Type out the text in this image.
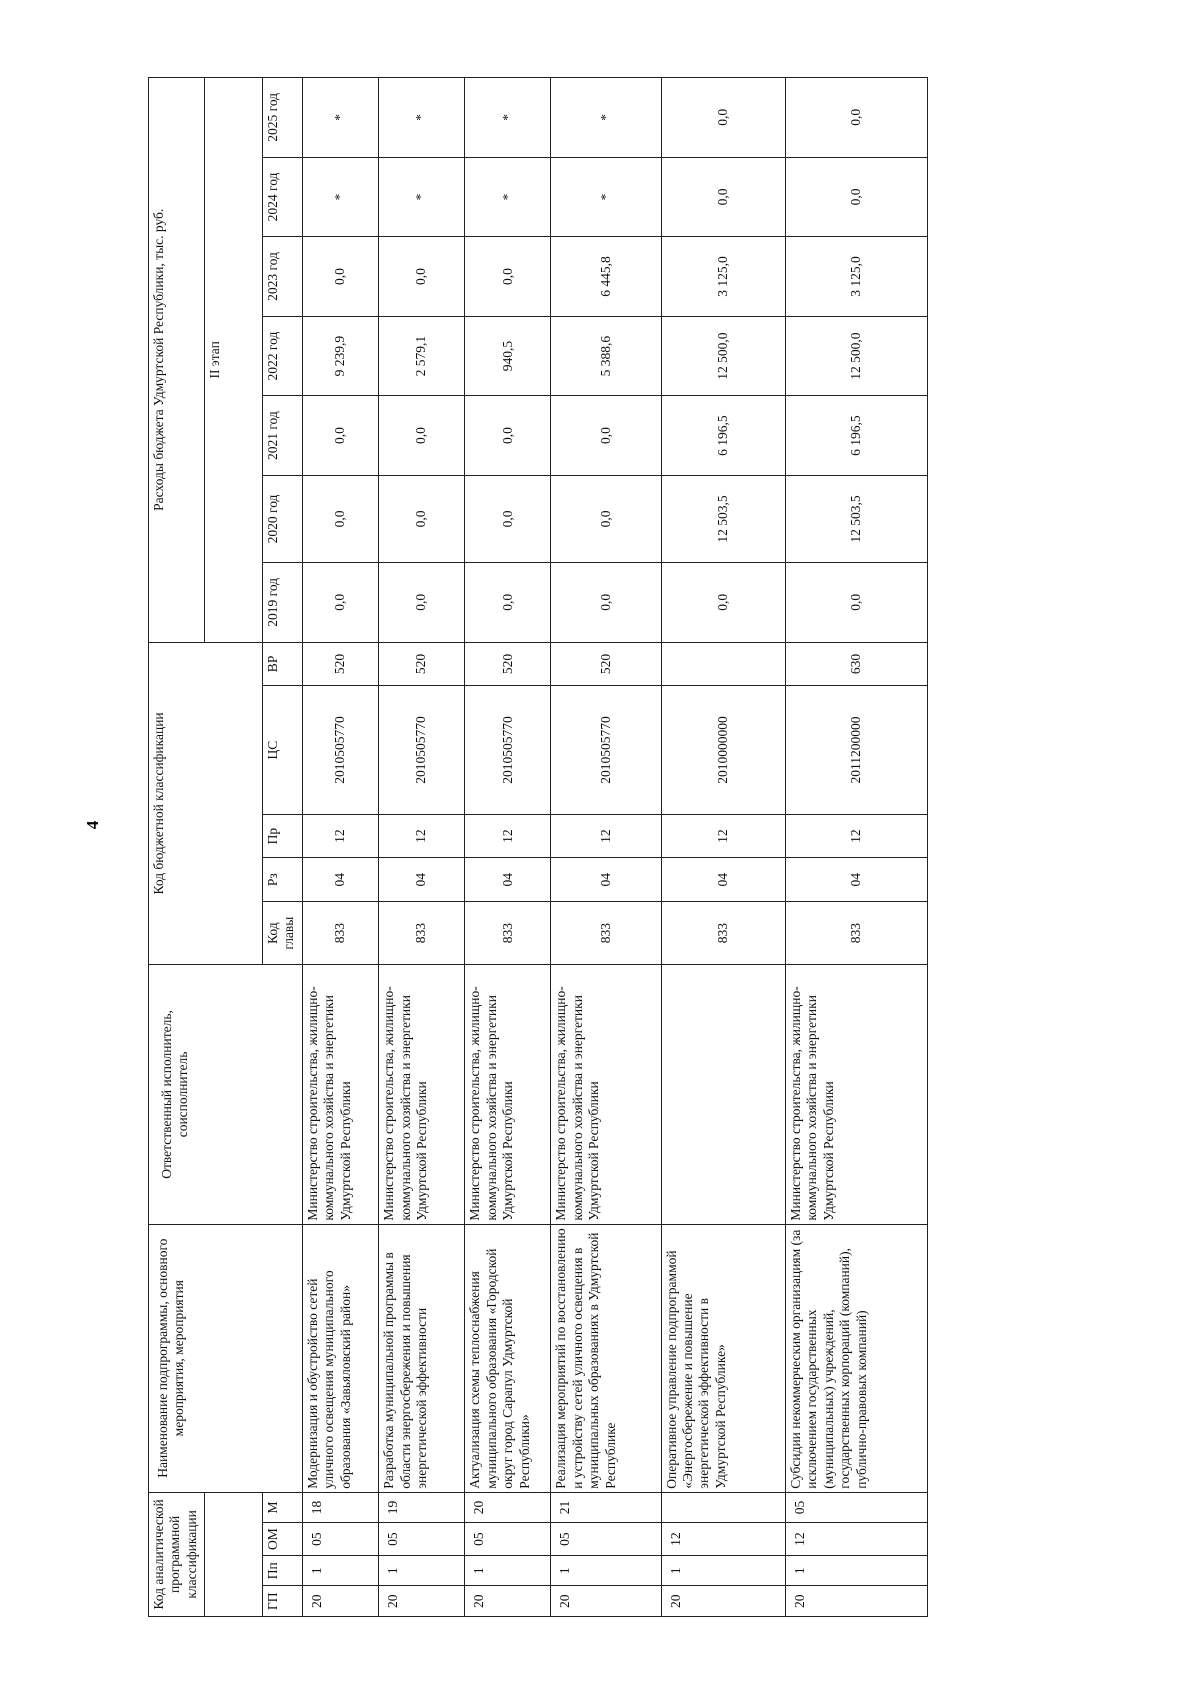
4
Код аналитической программной классификации				Наименование подпрограммы, основного мероприятия, мероприятия	Ответственный исполнитель, соисполнитель	Код бюджетной классификации					Расходы бюджета Удмуртской Республики, тыс. руб.						
											II этап						
ГП	Пп	ОМ	М			Код главы	Рз	Пр	ЦС	ВР	2019 год	2020 год	2021 год	2022 год	2023 год	2024 год	2025 год
20	1	05	18	Модернизация и обустройство сетей уличного освещения муниципального образования «Завьяловский район»	Министерство строительства, жилищно-коммунального хозяйства и энергетики Удмуртской Республики	833	04	12	2010505770	520	0,0	0,0	0,0	9 239,9	0,0	*	*
20	1	05	19	Разработка муниципальной программы в области энергосбережения и повышения энергетической эффективности	Министерство строительства, жилищно-коммунального хозяйства и энергетики Удмуртской Республики	833	04	12	2010505770	520	0,0	0,0	0,0	2 579,1	0,0	*	*
20	1	05	20	Актуализация схемы теплоснабжения муниципального образования «Городской округ город Сарапул Удмуртской Республики»	Министерство строительства, жилищно-коммунального хозяйства и энергетики Удмуртской Республики	833	04	12	2010505770	520	0,0	0,0	0,0	940,5	0,0	*	*
20	1	05	21	Реализация мероприятий по восстановлению и устройству сетей уличного освещения в муниципальных образованиях в Удмуртской Республике	Министерство строительства, жилищно-коммунального хозяйства и энергетики Удмуртской Республики	833	04	12	2010505770	520	0,0	0,0	0,0	5 388,6	6 445,8	*	*
20	1	12		Оперативное управление подпрограммой «Энергосбережение и повышение энергетической эффективности в Удмуртской Республике»		833	04	12	2010000000		0,0	12 503,5	6 196,5	12 500,0	3 125,0	0,0	0,0
20	1	12	05	Субсидии некоммерческим организациям (за исключением государственных (муниципальных) учреждений, государственных корпораций (компаний), публично-правовых компаний)	Министерство строительства, жилищно-коммунального хозяйства и энергетики Удмуртской Республики	833	04	12	2011200000	630	0,0	12 503,5	6 196,5	12 500,0	3 125,0	0,0	0,0
